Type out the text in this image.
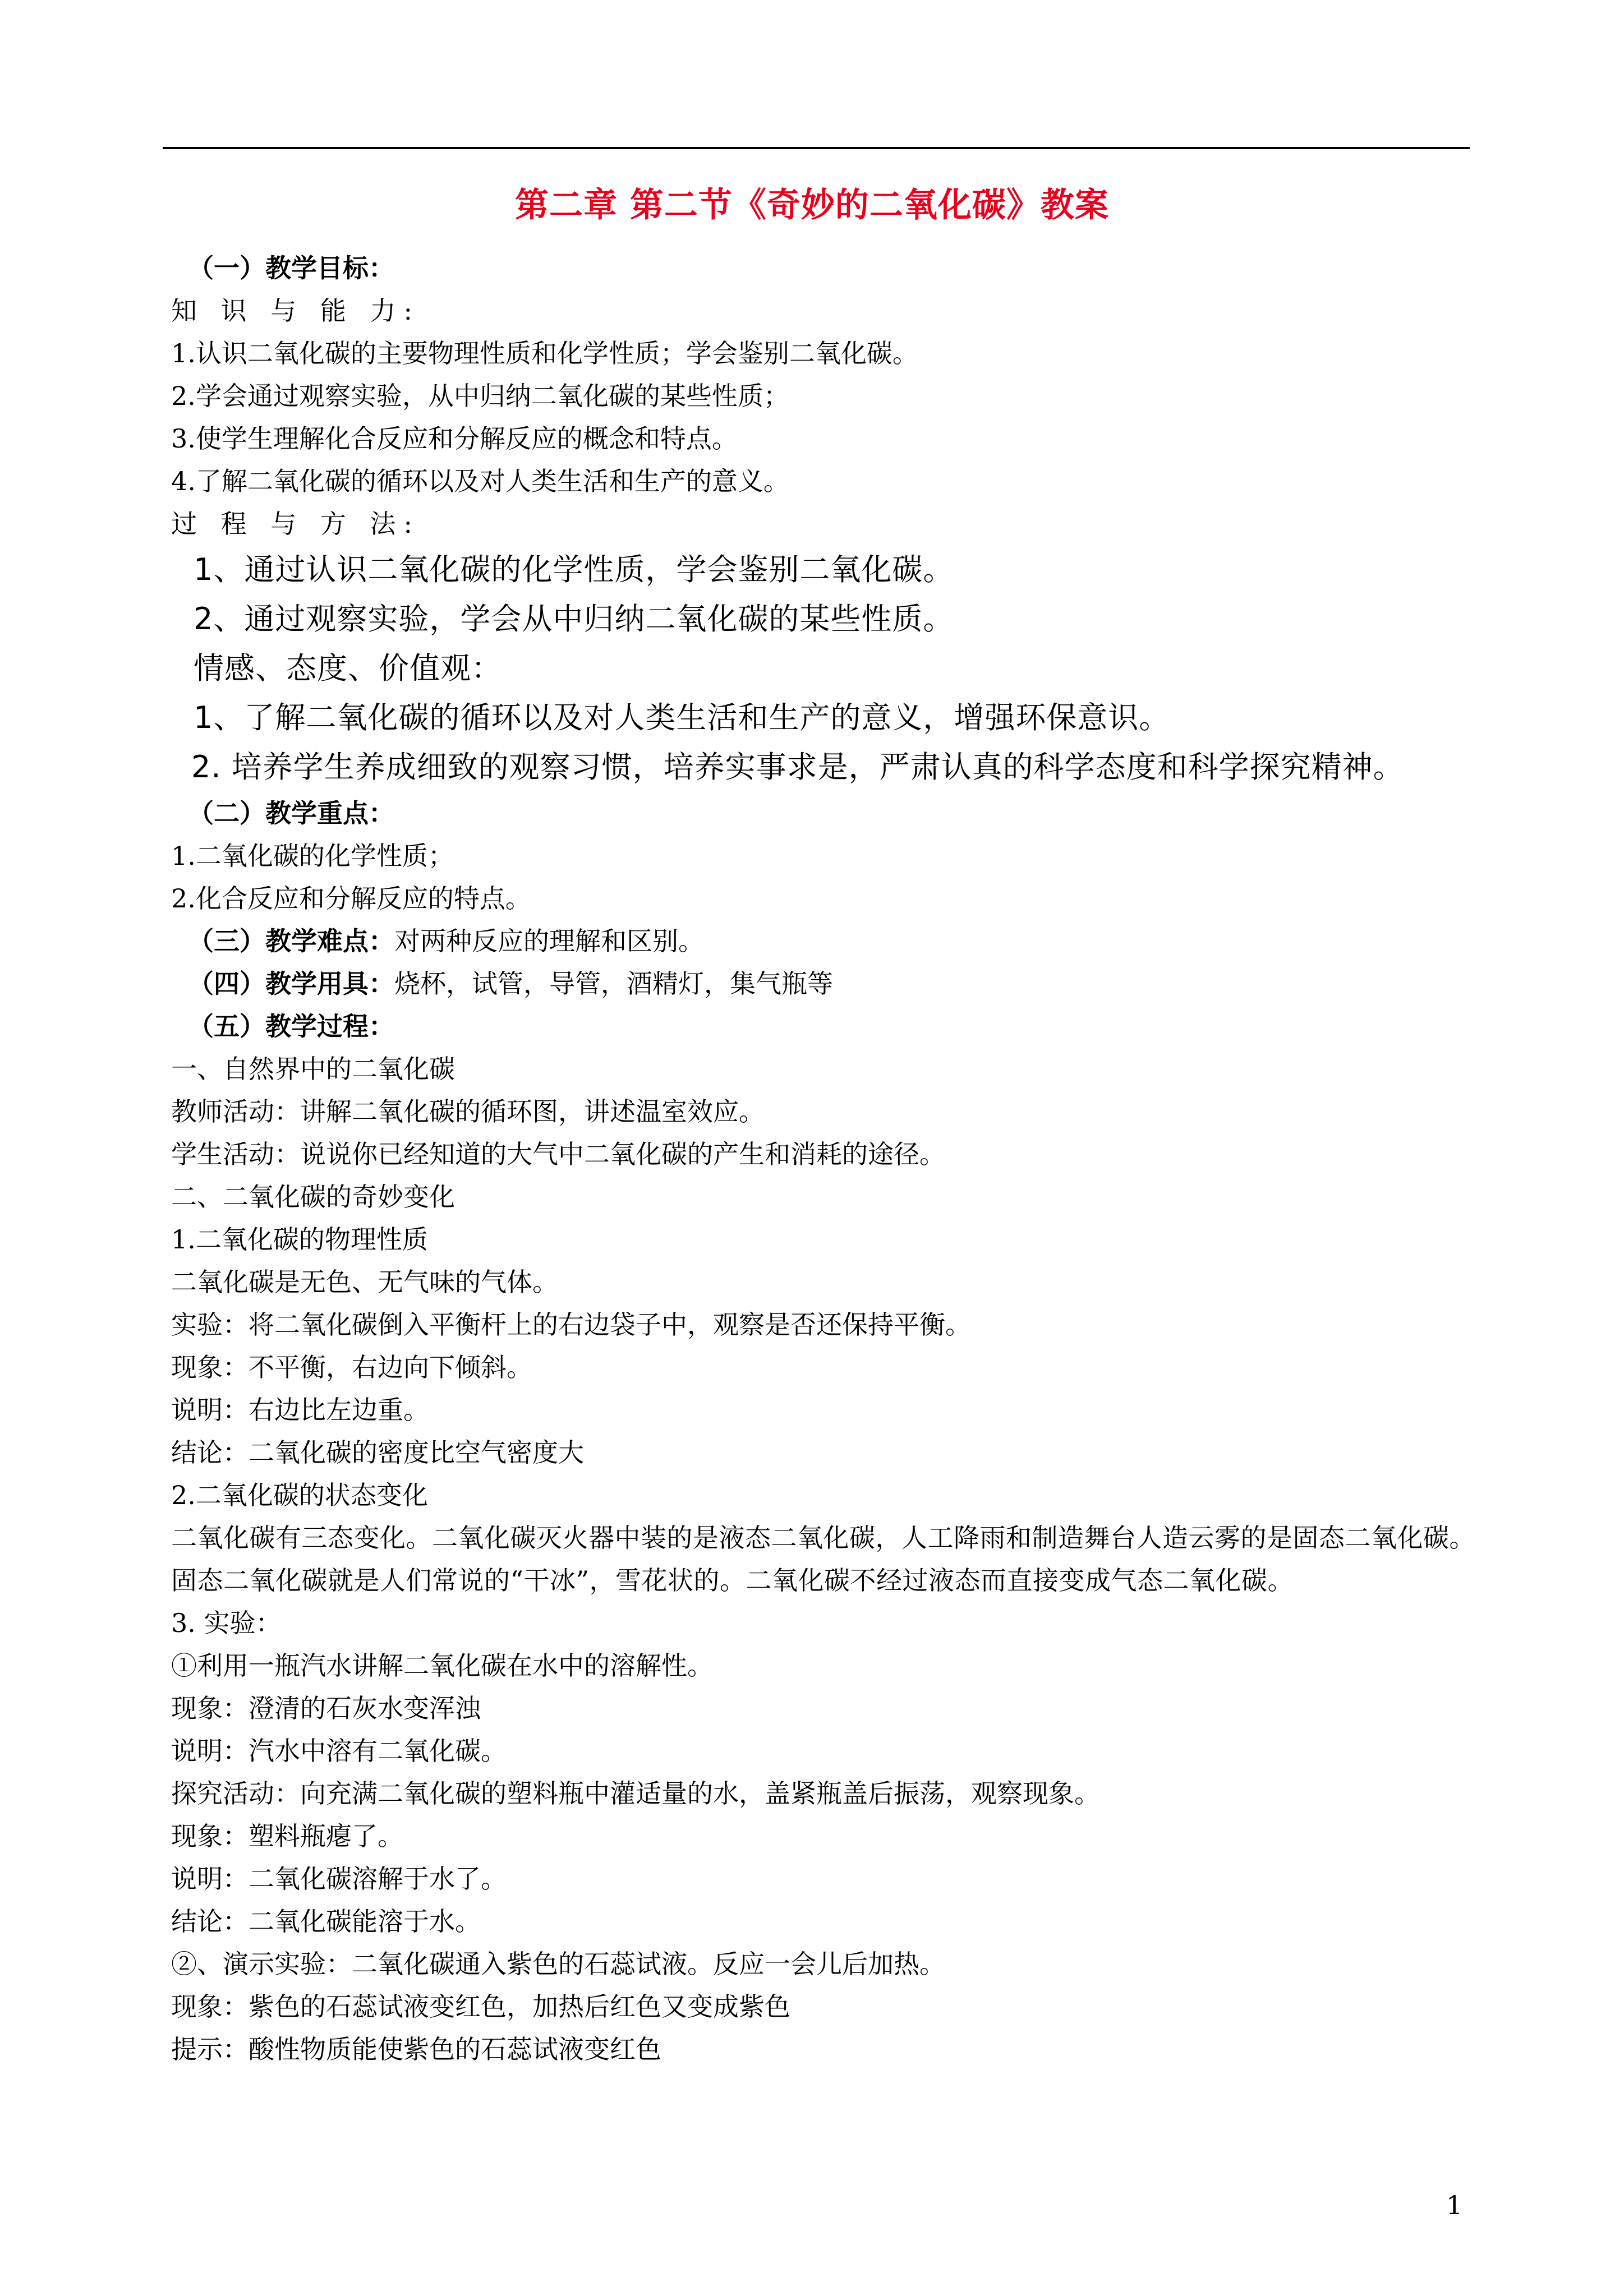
第二章 第二节《奇妙的二氧化碳》教案
（一）教学目标：
知 识 与 能 力:
1.认识二氧化碳的主要物理性质和化学性质；学会鉴别二氧化碳。
2.学会通过观察实验，从中归纳二氧化碳的某些性质；
3.使学生理解化合反应和分解反应的概念和特点。
4.了解二氧化碳的循环以及对人类生活和生产的意义。
过 程 与 方 法:
1、通过认识二氧化碳的化学性质，学会鉴别二氧化碳。
2、通过观察实验，学会从中归纳二氧化碳的某些性质。
情感、态度、价值观：
1、了解二氧化碳的循环以及对人类生活和生产的意义，增强环保意识。
2. 培养学生养成细致的观察习惯，培养实事求是，严肃认真的科学态度和科学探究精神。
（二）教学重点：
1.二氧化碳的化学性质；
2.化合反应和分解反应的特点。
（三）教学难点：对两种反应的理解和区别。
（四）教学用具：烧杯，试管，导管，酒精灯，集气瓶等
（五）教学过程：
一、自然界中的二氧化碳
教师活动：讲解二氧化碳的循环图，讲述温室效应。
学生活动：说说你已经知道的大气中二氧化碳的产生和消耗的途径。
二、二氧化碳的奇妙变化
1.二氧化碳的物理性质
二氧化碳是无色、无气味的气体。
实验：将二氧化碳倒入平衡杆上的右边袋子中，观察是否还保持平衡。
现象：不平衡，右边向下倾斜。
说明：右边比左边重。
结论：二氧化碳的密度比空气密度大
2.二氧化碳的状态变化
二氧化碳有三态变化。二氧化碳灭火器中装的是液态二氧化碳，人工降雨和制造舞台人造云雾的是固态二氧化碳。固态二氧化碳就是人们常说的“干冰”，雪花状的。二氧化碳不经过液态而直接变成气态二氧化碳。
3. 实验：
①利用一瓶汽水讲解二氧化碳在水中的溶解性。
现象：澄清的石灰水变浑浊
说明：汽水中溶有二氧化碳。
探究活动：向充满二氧化碳的塑料瓶中灌适量的水，盖紧瓶盖后振荡，观察现象。
现象：塑料瓶瘪了。
说明：二氧化碳溶解于水了。
结论：二氧化碳能溶于水。
②、演示实验：二氧化碳通入紫色的石蕊试液。反应一会儿后加热。
现象：紫色的石蕊试液变红色，加热后红色又变成紫色
提示：酸性物质能使紫色的石蕊试液变红色
1
